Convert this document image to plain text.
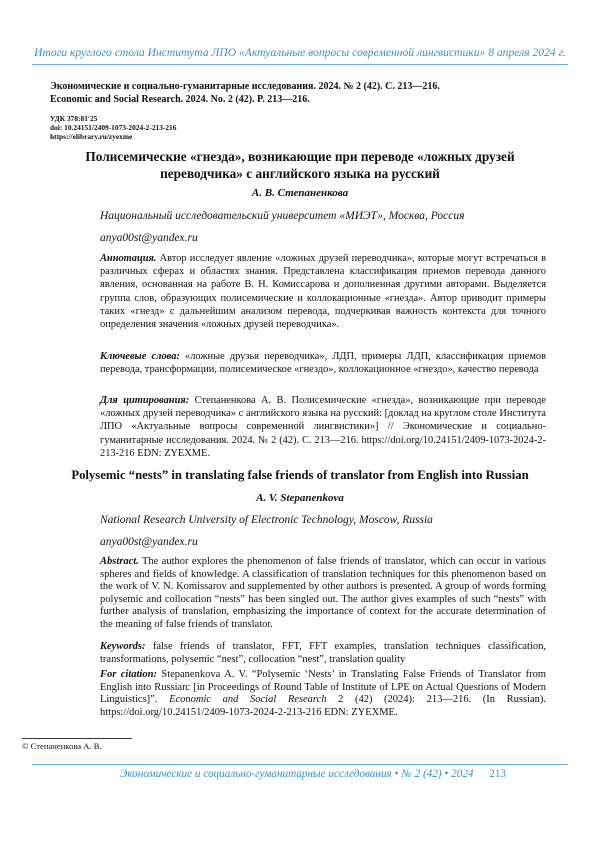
Итоги круглого стола Института ЛПО «Актуальные вопросы современной лингвистики» 8 апреля 2024 г.
Экономические и социально-гуманитарные исследования. 2024. № 2 (42). С. 213—216.
Economic and Social Research. 2024. No. 2 (42). P. 213—216.
УДК 378:81'25
doi: 10.24151/2409-1073-2024-2-213-216
https://elibrary.ru/zyexme
Полисемические «гнезда», возникающие при переводе «ложных друзей переводчика» с английского языка на русский
А. В. Степаненкова
Национальный исследовательский университет «МИЭТ», Москва, Россия
anya00st@yandex.ru
Аннотация. Автор исследует явление «ложных друзей переводчика», которые могут встречаться в различных сферах и областях знания. Представлена классификация приемов перевода данного явления, основанная на работе В. Н. Комиссарова и дополненная другими авторами. Выделяется группа слов, образующих полисемические и коллокационные «гнезда». Автор приводит примеры таких «гнезд» с дальнейшим анализом перевода, подчеркивая важность контекста для точного определения значения «ложных друзей переводчика».
Ключевые слова: «ложные друзья переводчика», ЛДП, примеры ЛДП, классификация приемов перевода, трансформации, полисемическое «гнездо», коллокационное «гнездо», качество перевода
Для цитирования: Степаненкова А. В. Полисемические «гнезда», возникающие при переводе «ложных друзей переводчика» с английского языка на русский: [доклад на круглом столе Института ЛПО «Актуальные вопросы современной лингвистики»] // Экономические и социально-гуманитарные исследования. 2024. № 2 (42). С. 213—216. https://doi.org/10.24151/2409-1073-2024-2-213-216 EDN: ZYEXME.
Polysemic “nests” in translating false friends of translator from English into Russian
A. V. Stepanenkova
National Research University of Electronic Technology, Moscow, Russia
anya00st@yandex.ru
Abstract. The author explores the phenomenon of false friends of translator, which can occur in various spheres and fields of knowledge. A classification of translation techniques for this phenomenon based on the work of V. N. Komissarov and supplemented by other authors is presented. A group of words forming polysemic and collocation “nests” has been singled out. The author gives examples of such “nests” with further analysis of translation, emphasizing the importance of context for the accurate determination of the meaning of false friends of translator.
Keywords: false friends of translator, FFT, FFT examples, translation techniques classification, transformations, polysemic “nest”, collocation “nest”, translation quality
For citation: Stepanenkova A. V. “Polysemic ‘Nests’ in Translating False Friends of Translator from English into Russian: [in Proceedings of Round Table of Institute of LPE on Actual Questions of Modern Linguistics]”. Economic and Social Research 2 (42) (2024): 213—216. (In Russian). https://doi.org/10.24151/2409-1073-2024-2-213-216 EDN: ZYEXME.
© Степаненкова А. В.
Экономические и социально-гуманитарные исследования • № 2 (42) • 2024 213
